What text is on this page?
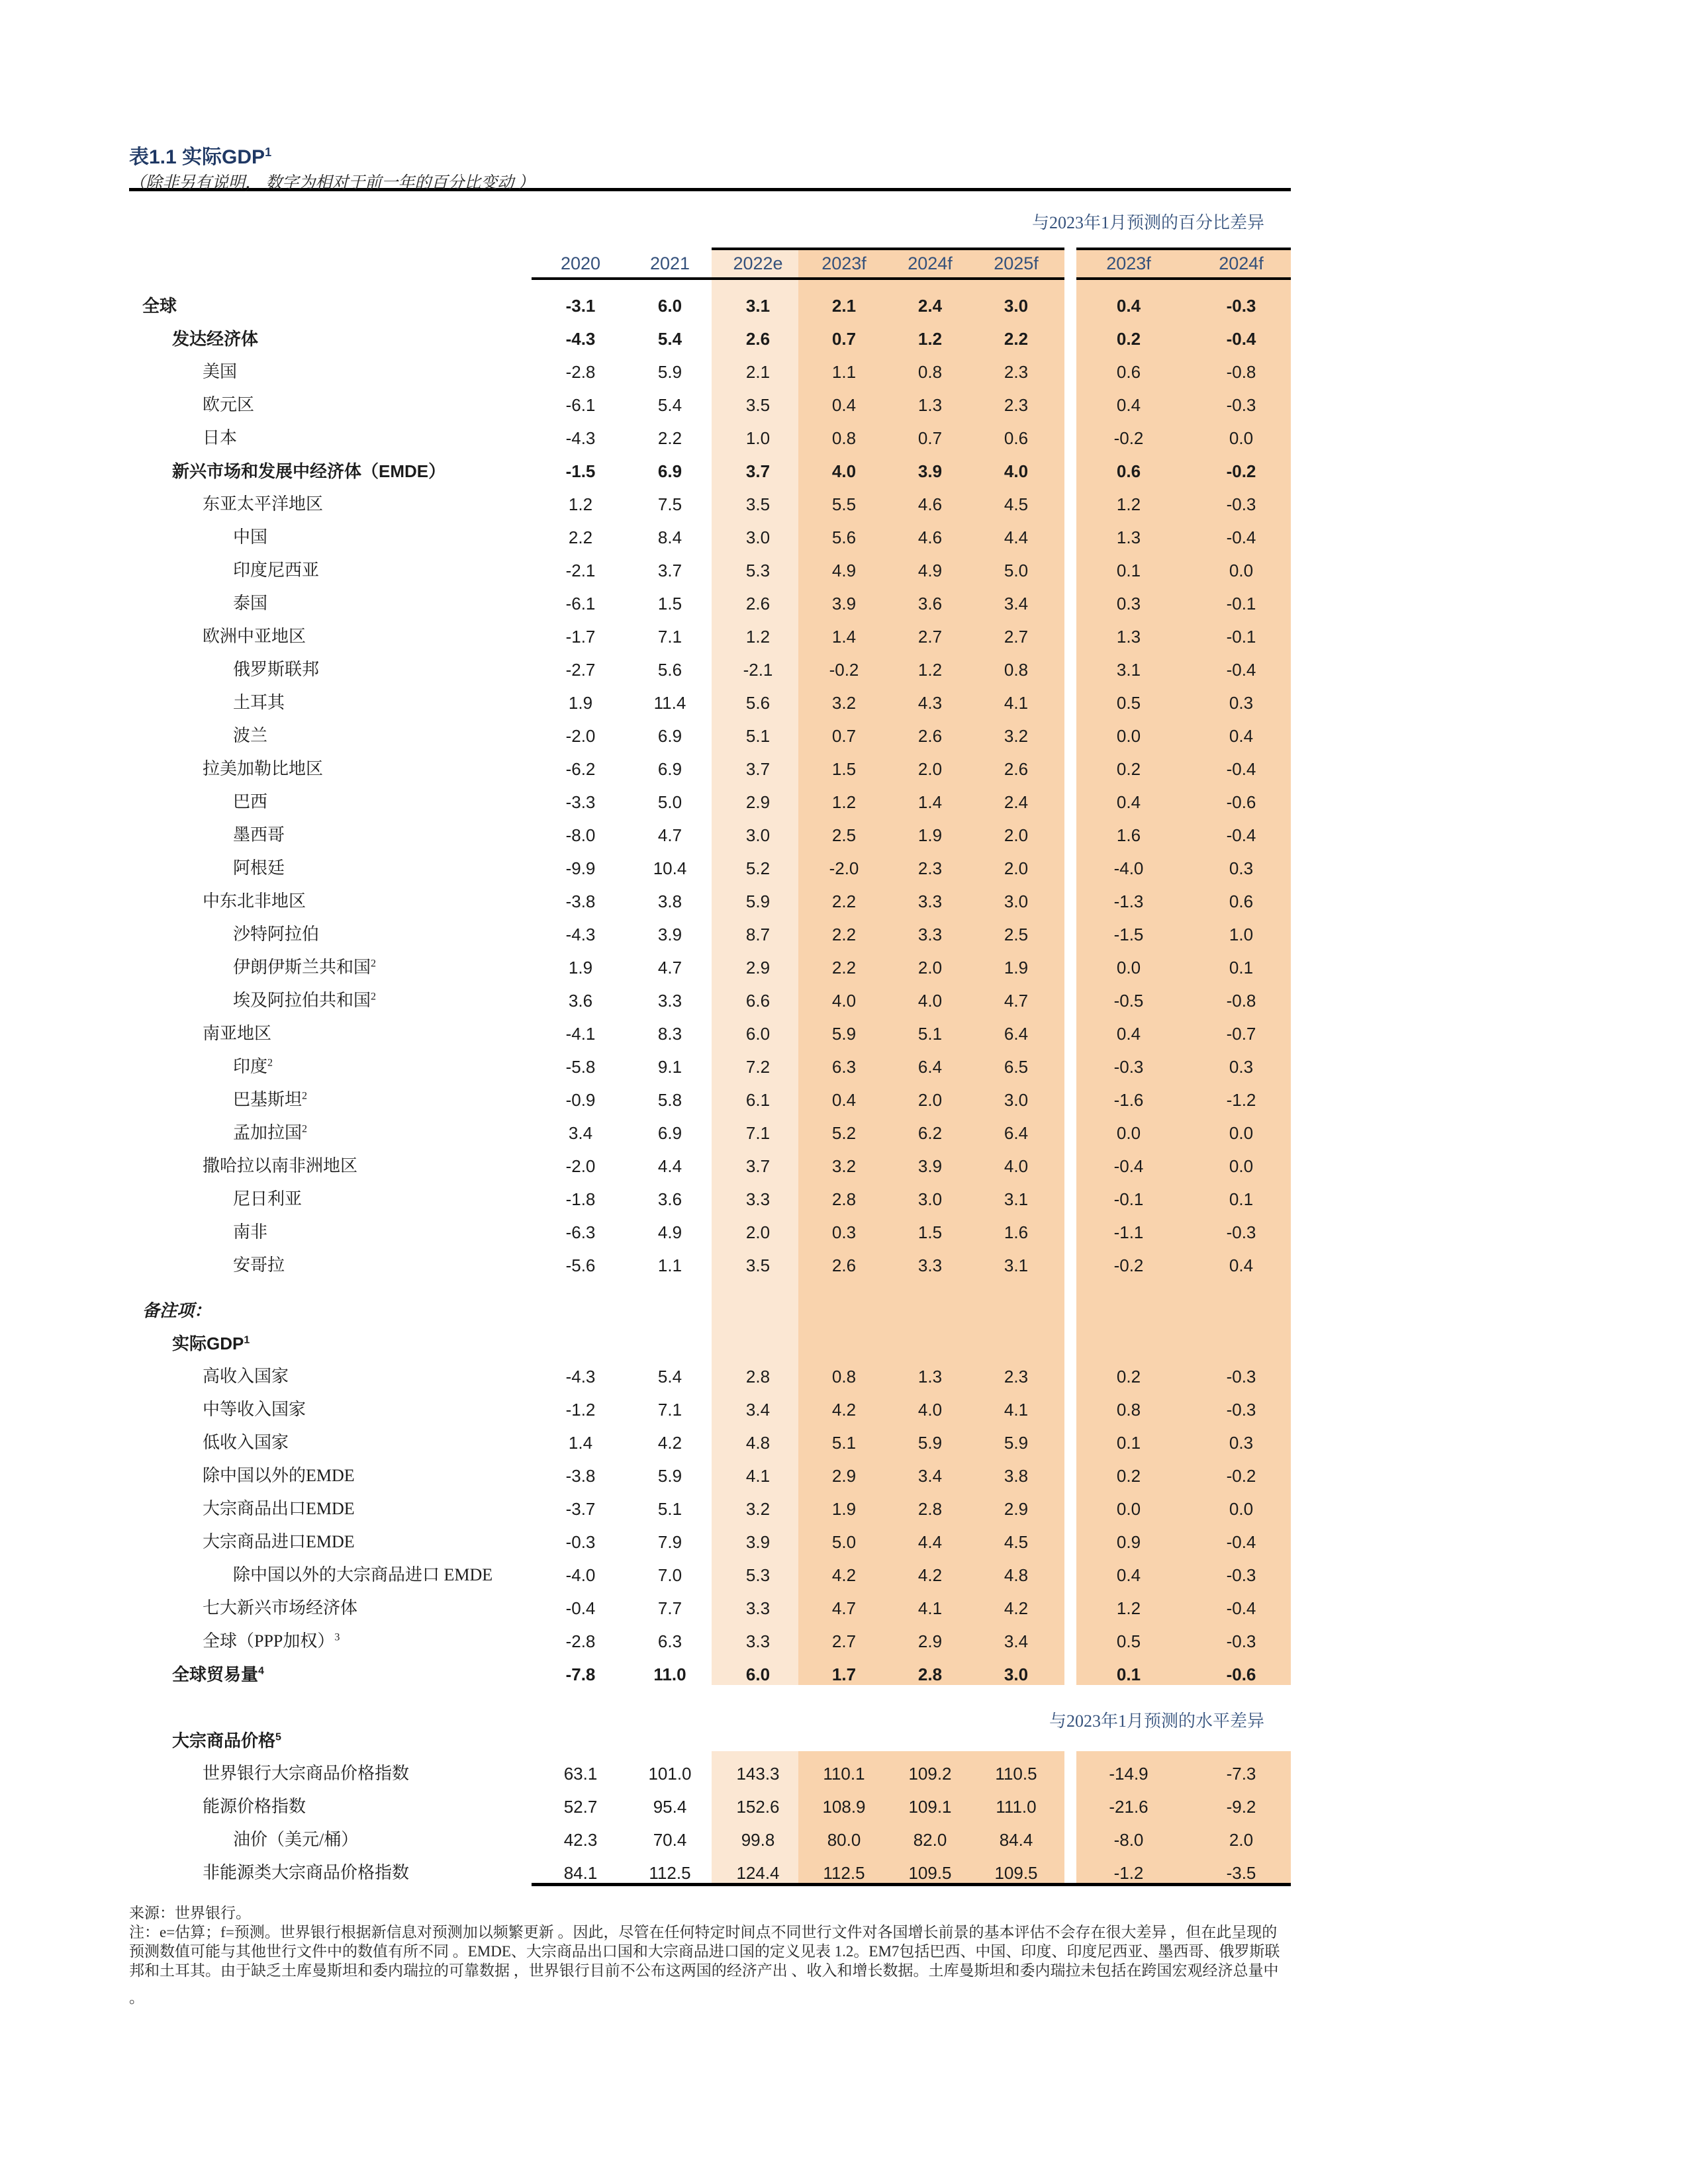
表1.1 实际GDP$^1$
（除非另有说明， 数字为相对于前一年的百分比变动 ）
与2023年1月预测的百分比差异
与2023年1月预测的水平差异
2020	2021	2022e	2023f	2024f	2025f	2023f	2024f
全球	-3.1	6.0	3.1	2.1	2.4	3.0	0.4	-0.3
发达经济体	-4.3	5.4	2.6	0.7	1.2	2.2	0.2	-0.4
美国	-2.8	5.9	2.1	1.1	0.8	2.3	0.6	-0.8
欧元区	-6.1	5.4	3.5	0.4	1.3	2.3	0.4	-0.3
日本	-4.3	2.2	1.0	0.8	0.7	0.6	-0.2	0.0
新兴市场和发展中经济体（EMDE）	-1.5	6.9	3.7	4.0	3.9	4.0	0.6	-0.2
东亚太平洋地区	1.2	7.5	3.5	5.5	4.6	4.5	1.2	-0.3
中国	2.2	8.4	3.0	5.6	4.6	4.4	1.3	-0.4
印度尼西亚	-2.1	3.7	5.3	4.9	4.9	5.0	0.1	0.0
泰国	-6.1	1.5	2.6	3.9	3.6	3.4	0.3	-0.1
欧洲中亚地区	-1.7	7.1	1.2	1.4	2.7	2.7	1.3	-0.1
俄罗斯联邦	-2.7	5.6	-2.1	-0.2	1.2	0.8	3.1	-0.4
土耳其	1.9	11.4	5.6	3.2	4.3	4.1	0.5	0.3
波兰	-2.0	6.9	5.1	0.7	2.6	3.2	0.0	0.4
拉美加勒比地区	-6.2	6.9	3.7	1.5	2.0	2.6	0.2	-0.4
巴西	-3.3	5.0	2.9	1.2	1.4	2.4	0.4	-0.6
墨西哥	-8.0	4.7	3.0	2.5	1.9	2.0	1.6	-0.4
阿根廷	-9.9	10.4	5.2	-2.0	2.3	2.0	-4.0	0.3
中东北非地区	-3.8	3.8	5.9	2.2	3.3	3.0	-1.3	0.6
沙特阿拉伯	-4.3	3.9	8.7	2.2	3.3	2.5	-1.5	1.0
伊朗伊斯兰共和国$^2$	1.9	4.7	2.9	2.2	2.0	1.9	0.0	0.1
埃及阿拉伯共和国$^2$	3.6	3.3	6.6	4.0	4.0	4.7	-0.5	-0.8
南亚地区	-4.1	8.3	6.0	5.9	5.1	6.4	0.4	-0.7
印度$^2$	-5.8	9.1	7.2	6.3	6.4	6.5	-0.3	0.3
巴基斯坦$^2$	-0.9	5.8	6.1	0.4	2.0	3.0	-1.6	-1.2
孟加拉国$^2$	3.4	6.9	7.1	5.2	6.2	6.4	0.0	0.0
撒哈拉以南非洲地区	-2.0	4.4	3.7	3.2	3.9	4.0	-0.4	0.0
尼日利亚	-1.8	3.6	3.3	2.8	3.0	3.1	-0.1	0.1
南非	-6.3	4.9	2.0	0.3	1.5	1.6	-1.1	-0.3
安哥拉	-5.6	1.1	3.5	2.6	3.3	3.1	-0.2	0.4
备注项：
实际GDP$^1$
高收入国家	-4.3	5.4	2.8	0.8	1.3	2.3	0.2	-0.3
中等收入国家	-1.2	7.1	3.4	4.2	4.0	4.1	0.8	-0.3
低收入国家	1.4	4.2	4.8	5.1	5.9	5.9	0.1	0.3
除中国以外的EMDE	-3.8	5.9	4.1	2.9	3.4	3.8	0.2	-0.2
大宗商品出口EMDE	-3.7	5.1	3.2	1.9	2.8	2.9	0.0	0.0
大宗商品进口EMDE	-0.3	7.9	3.9	5.0	4.4	4.5	0.9	-0.4
除中国以外的大宗商品进口 EMDE	-4.0	7.0	5.3	4.2	4.2	4.8	0.4	-0.3
七大新兴市场经济体	-0.4	7.7	3.3	4.7	4.1	4.2	1.2	-0.4
全球（PPP加权）$^3$	-2.8	6.3	3.3	2.7	2.9	3.4	0.5	-0.3
全球贸易量$^4$	-7.8	11.0	6.0	1.7	2.8	3.0	0.1	-0.6
大宗商品价格$^5$
世界银行大宗商品价格指数	63.1	101.0	143.3	110.1	109.2	110.5	-14.9	-7.3
能源价格指数	52.7	95.4	152.6	108.9	109.1	111.0	-21.6	-9.2
油价（美元/桶）	42.3	70.4	99.8	80.0	82.0	84.4	-8.0	2.0
非能源类大宗商品价格指数	84.1	112.5	124.4	112.5	109.5	109.5	-1.2	-3.5
来源：世界银行。
注：e=估算；f=预测。世界银行根据新信息对预测加以频繁更新 。因此，尽管在任何特定时间点不同世行文件对各国增长前景的基本评估不会存在很大差异 ，但在此呈现的
预测数值可能与其他世行文件中的数值有所不同 。EMDE、大宗商品出口国和大宗商品进口国的定义见表 1.2。EM7包括巴西、中国、印度、印度尼西亚、墨西哥、俄罗斯联
邦和土耳其。由于缺乏土库曼斯坦和委内瑞拉的可靠数据 ，世界银行目前不公布这两国的经济产出 、收入和增长数据。土库曼斯坦和委内瑞拉未包括在跨国宏观经济总量中
。
